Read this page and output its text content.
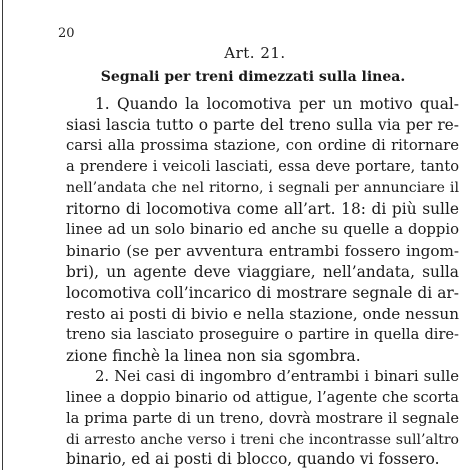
20
Art. 21.
Segnali per treni dimezzati sulla linea.
1. Quando la locomotiva per un motivo qual-
siasi lascia tutto o parte del treno sulla via per re-
carsi alla prossima stazione, con ordine di ritornare
a prendere i veicoli lasciati, essa deve portare, tanto
nell’andata che nel ritorno, i segnali per annunciare il
ritorno di locomotiva come all’art. 18: di più sulle
linee ad un solo binario ed anche su quelle a doppio
binario (se per avventura entrambi fossero ingom-
bri), un agente deve viaggiare, nell’andata, sulla
locomotiva coll’incarico di mostrare segnale di ar-
resto ai posti di bivio e nella stazione, onde nessun
treno sia lasciato proseguire o partire in quella dire-
zione finchè la linea non sia sgombra.
2. Nei casi di ingombro d’entrambi i binari sulle
linee a doppio binario od attigue, l’agente che scorta
la prima parte di un treno, dovrà mostrare il segnale
di arresto anche verso i treni che incontrasse sull’altro
binario, ed ai posti di blocco, quando vi fossero.
